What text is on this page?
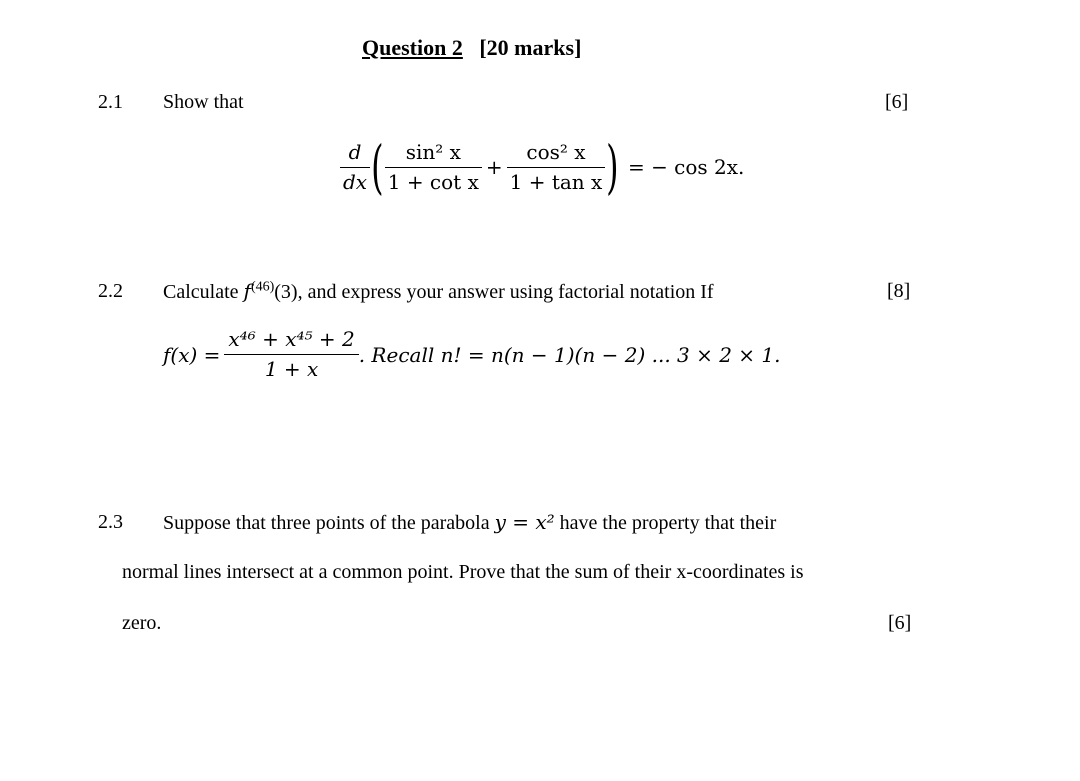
Question 2 [20 marks]
2.1 Show that	[6]
$\frac{d}{dx}$ ( $\frac{\text{sin² x}}{\text{1 + cot x}} + \frac{\text{cos² x}}{\text{1 + tan x}}$ ) = − cos 2x.
2.2 Calculate $f^{(46)}(3)$, and express your answer using factorial notation If	[8]
$f(x) = \frac{\text{x⁴⁶ + x⁴⁵ + 2}}{1 + x}$ . Recall n! = n(n − 1)(n − 2) ... 3 × 2 × 1.
2.3 Suppose that three points of the parabola y = x² have the property that their
normal lines intersect at a common point. Prove that the sum of their x-coordinates is
zero.	[6]
